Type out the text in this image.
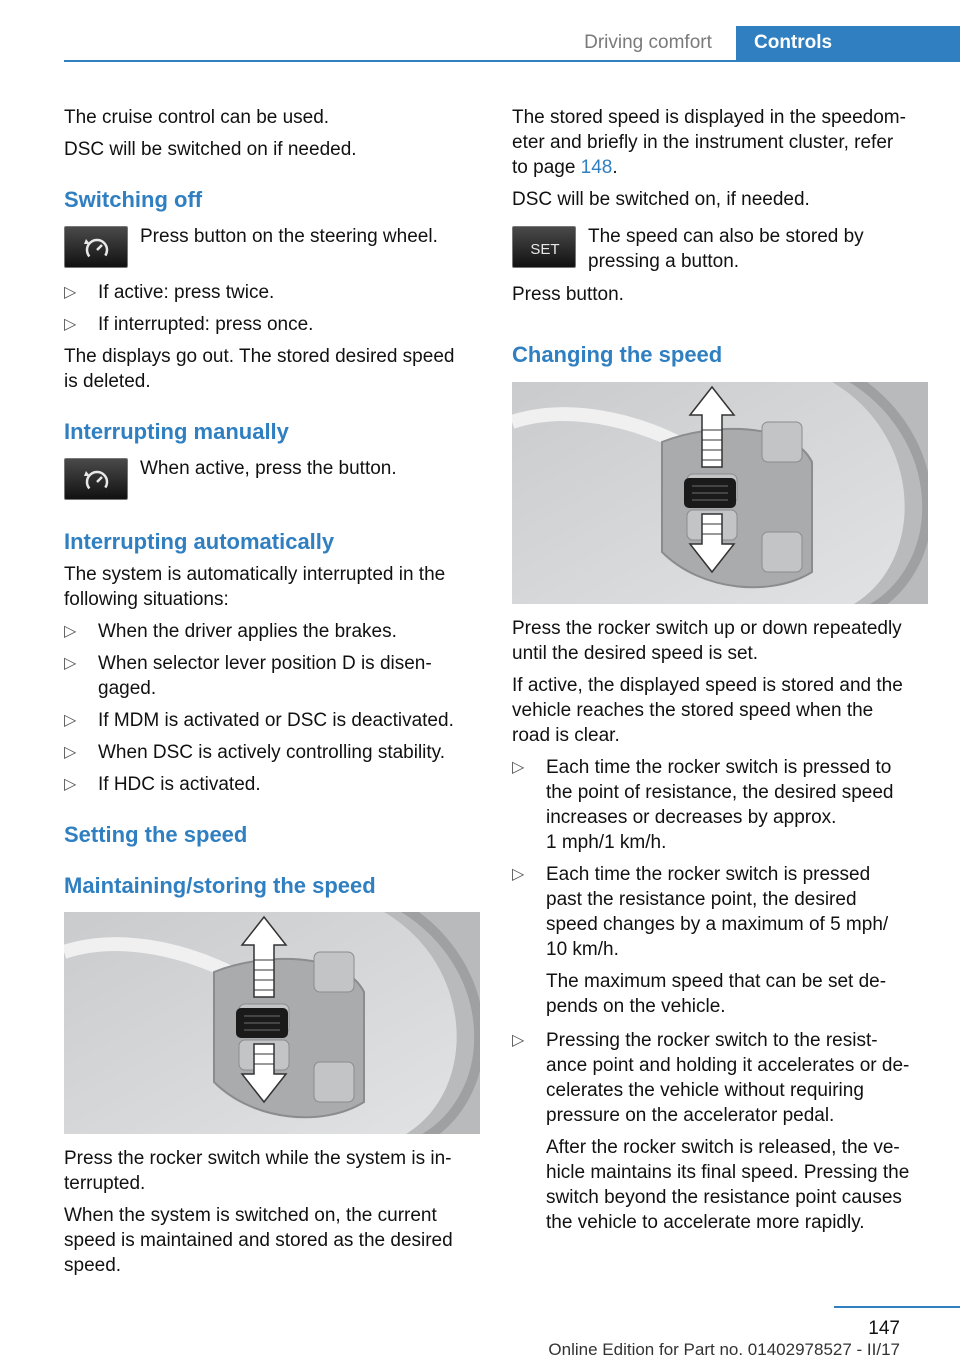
Driving comfort	Controls
The cruise control can be used.
DSC will be switched on if needed.
Switching off
Press button on the steering wheel.
▷ If active: press twice.
▷ If interrupted: press once.
The displays go out. The stored desired speed
is deleted.
Interrupting manually
When active, press the button.
Interrupting automatically
The system is automatically interrupted in the
following situations:
▷ When the driver applies the brakes.
▷ When selector lever position D is disen-
gaged.
▷ If MDM is activated or DSC is deactivated.
▷ When DSC is actively controlling stability.
▷ If HDC is activated.
Setting the speed
Maintaining/storing the speed
Press the rocker switch while the system is in-
terrupted.
When the system is switched on, the current
speed is maintained and stored as the desired
speed.
The stored speed is displayed in the speedom-
eter and briefly in the instrument cluster, refer
to page 148.
DSC will be switched on, if needed.
SET
The speed can also be stored by
pressing a button.
Press button.
Changing the speed
Press the rocker switch up or down repeatedly
until the desired speed is set.
If active, the displayed speed is stored and the
vehicle reaches the stored speed when the
road is clear.
▷ Each time the rocker switch is pressed to
the point of resistance, the desired speed
increases or decreases by approx.
1 mph/1 km/h.
▷ Each time the rocker switch is pressed
past the resistance point, the desired
speed changes by a maximum of 5 mph/
10 km/h.
The maximum speed that can be set de-
pends on the vehicle.
▷ Pressing the rocker switch to the resist-
ance point and holding it accelerates or de-
celerates the vehicle without requiring
pressure on the accelerator pedal.
After the rocker switch is released, the ve-
hicle maintains its final speed. Pressing the
switch beyond the resistance point causes
the vehicle to accelerate more rapidly.
147
Online Edition for Part no. 01402978527 - II/17
